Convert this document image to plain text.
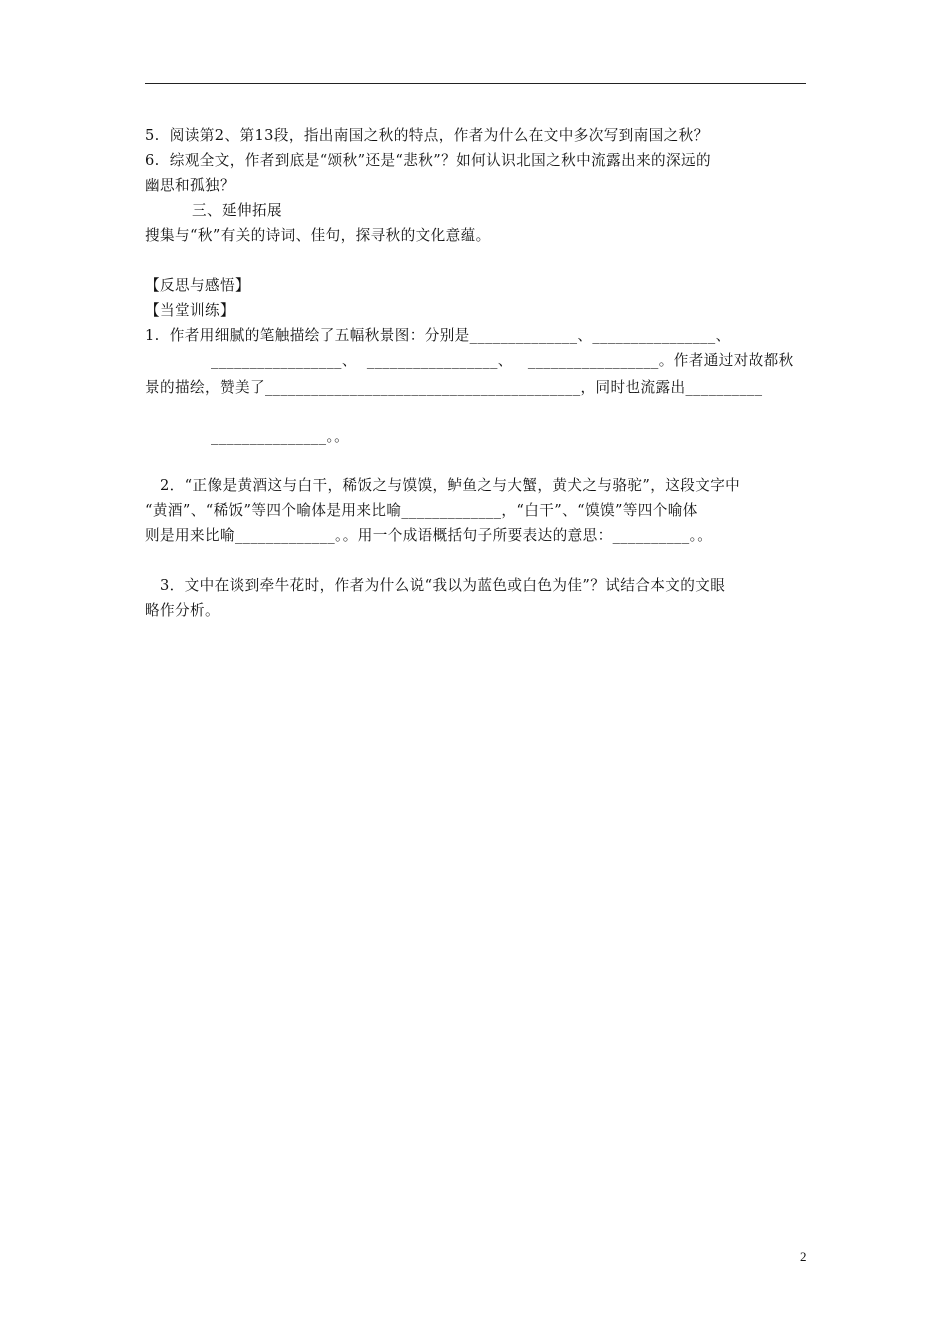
5.  阅读第2、第13段，指出南国之秋的特点，作者为什么在文中多次写到南国之秋？
6.  综观全文，作者到底是“颂秋”还是“悲秋”？如何认识北国之秋中流露出来的深远的
幽思和孤独？
三、延伸拓展
搜集与“秋”有关的诗词、佳句，探寻秋的文化意蕴。
【反思与感悟】
【当堂训练】
1.  作者用细腻的笔触描绘了五幅秋景图：分别是______________、________________、
_________________、  _________________、   _________________。作者通过对故都秋
景的描绘，赞美了_________________________________________，同时也流露出__________
_______________。。
2．“正像是黄酒这与白干，稀饭之与馍馍，鲈鱼之与大蟹，黄犬之与骆驼”，这段文字中
“黄酒”、“稀饭”等四个喻体是用来比喻_____________，“白干”、“馍馍”等四个喻体
则是用来比喻_____________。。用一个成语概括句子所要表达的意思：__________。。
3．文中在谈到牵牛花时，作者为什么说“我以为蓝色或白色为佳”？试结合本文的文眼
略作分析。
2
